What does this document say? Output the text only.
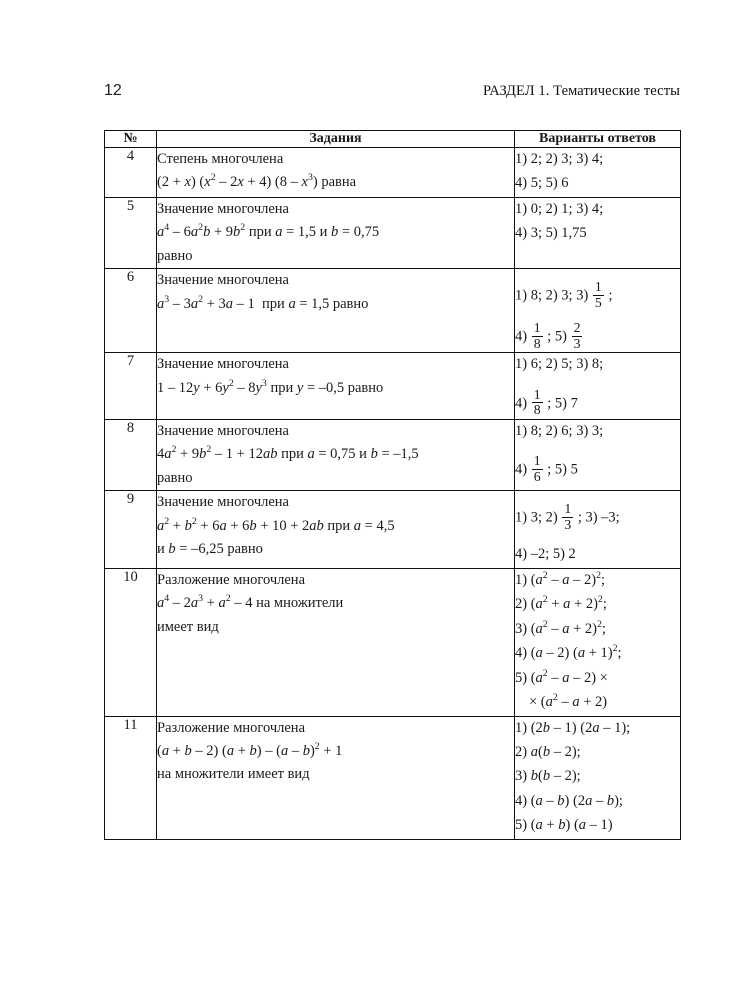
12	РАЗДЕЛ 1. Тематические тесты
№	Задания	Варианты ответов
4	Степень многочлена
(2 + x) $(x^2 - 2x + 4)$ $(8 - x^3)$ равна

1) 2; 2) 3; 3) 4;
4) 5; 5) 6

5	Значение многочлена
$a^4 - 6a^2b + 9b^2$ при a = 1,5 и b = 0,75
равно

1) 0; 2) 1; 3) 4;
4) 3; 5) 1,75

6	Значение многочлена
$a^3 - 3a^2 + 3a - 1$  при a = 1,5 равно

1) 8; 2) 3; $3) \frac{1}{5}$ ;
$4) \frac{1}{8}$ ; $5) \frac{2}{3}$

7	Значение многочлена
$1 - 12y + 6y^2 - 8y^3$ при y = –0,5 равно

1) 6; 2) 5; 3) 8;
$4) \frac{1}{8}$ ; 5) 7

8	Значение многочлена
$4a^2 + 9b^2 - 1 + 12ab$ при a = 0,75 и b = –1,5
равно

1) 8; 2) 6; 3) 3;
$4) \frac{1}{6}$ ; 5) 5

9	Значение многочлена
$a^2 + b^2 + 6a + 6b + 10 + 2ab$ при a = 4,5
и b = –6,25 равно

1) 3; $2) \frac{1}{3}$ ; 3) –3;
4) –2; 5) 2

10	Разложение многочлена
$a^4 - 2a^3 + a^2 - 4$ на множители
имеет вид

1) ($a^2$ – a – 2)$^2$;
2) $(a^2 + a + 2)^2$;
3) $(a^2 - a + 2)^2$;
4) (a – 2) $(a + 1)^2$;
5) ($a^2$ – a – 2) ×
× $(a^2 - a + 2)$

11	Разложение многочлена
(a + b – 2) (a + b) – (a – b)$^2$ + 1
на множители имеет вид

1) (2b – 1) (2a – 1);
2) a(b – 2);
3) b(b – 2);
4) (a – b) (2a – b);
5) (a + b) (a – 1)
